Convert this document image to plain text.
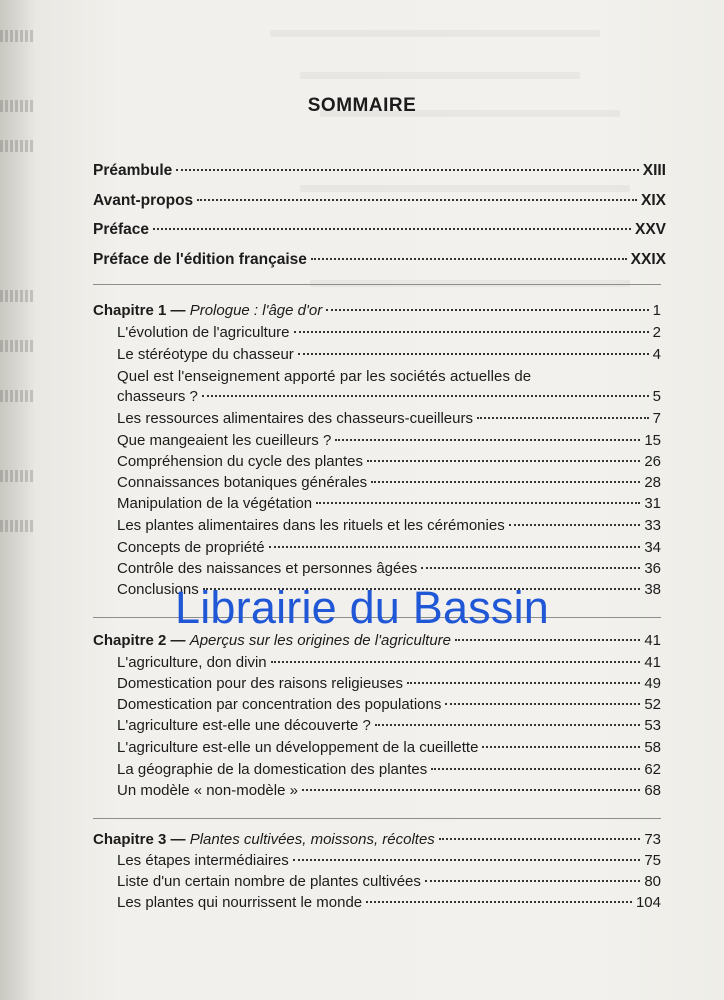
SOMMAIRE
Préambule	XIII
Avant-propos	XIX
Préface	XXV
Préface de l'édition française	XXIX
Chapitre 1 — Prologue : l'âge d'or	1
L'évolution de l'agriculture	2
Le stéréotype du chasseur	4
Quel est l'enseignement apporté par les sociétés actuelles de
chasseurs ?	5
Les ressources alimentaires des chasseurs-cueilleurs	7
Que mangeaient les cueilleurs ?	15
Compréhension du cycle des plantes	26
Connaissances botaniques générales	28
Manipulation de la végétation	31
Les plantes alimentaires dans les rituels et les cérémonies	33
Concepts de propriété	34
Contrôle des naissances et personnes âgées	36
Conclusions	38
Chapitre 2 — Aperçus sur les origines de l'agriculture	41
L'agriculture, don divin	41
Domestication pour des raisons religieuses	49
Domestication par concentration des populations	52
L'agriculture est-elle une découverte ?	53
L'agriculture est-elle un développement de la cueillette	58
La géographie de la domestication des plantes	62
Un modèle « non-modèle »	68
Chapitre 3 — Plantes cultivées, moissons, récoltes	73
Les étapes intermédiaires	75
Liste d'un certain nombre de plantes cultivées	80
Les plantes qui nourrissent le monde	104
Librairie du Bassin
